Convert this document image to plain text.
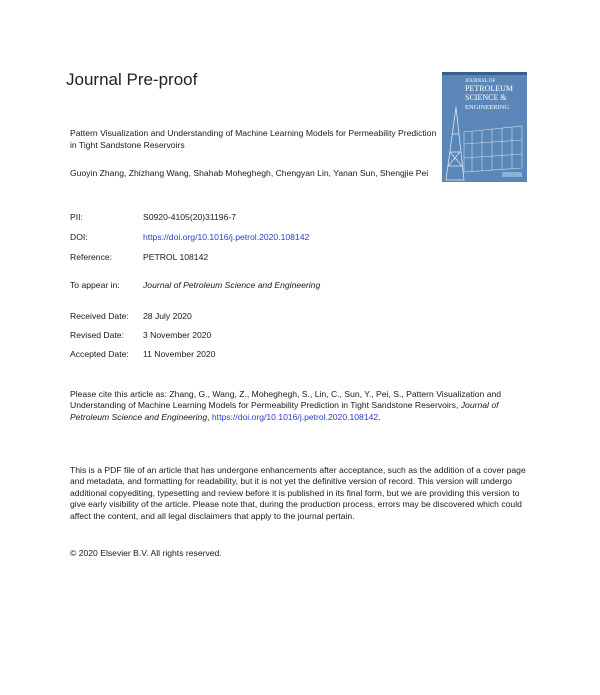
Journal Pre-proof	JOURNAL OF
PETROLEUM
SCIENCE &
ENGINEERING
Pattern Visualization and Understanding of Machine Learning Models for Permeability Prediction in Tight Sandstone Reservoirs
Guoyin Zhang, Zhizhang Wang, Shahab Moheghegh, Chengyan Lin, Yanan Sun, Shengjie Pei
PII:	S0920-4105(20)31196-7
DOI:	https://doi.org/10.1016/j.petrol.2020.108142
Reference:	PETROL 108142
To appear in:	Journal of Petroleum Science and Engineering
Received Date: 28 July 2020
Revised Date: 3 November 2020
Accepted Date: 11 November 2020
Please cite this article as: Zhang, G., Wang, Z., Moheghegh, S., Lin, C., Sun, Y., Pei, S., Pattern Visualization and Understanding of Machine Learning Models for Permeability Prediction in Tight Sandstone Reservoirs, Journal of Petroleum Science and Engineering, https://doi.org/10.1016/j.petrol.2020.108142.
This is a PDF file of an article that has undergone enhancements after acceptance, such as the addition of a cover page and metadata, and formatting for readability, but it is not yet the definitive version of record. This version will undergo additional copyediting, typesetting and review before it is published in its final form, but we are providing this version to give early visibility of the article. Please note that, during the production process, errors may be discovered which could affect the content, and all legal disclaimers that apply to the journal pertain.
© 2020 Elsevier B.V. All rights reserved.
